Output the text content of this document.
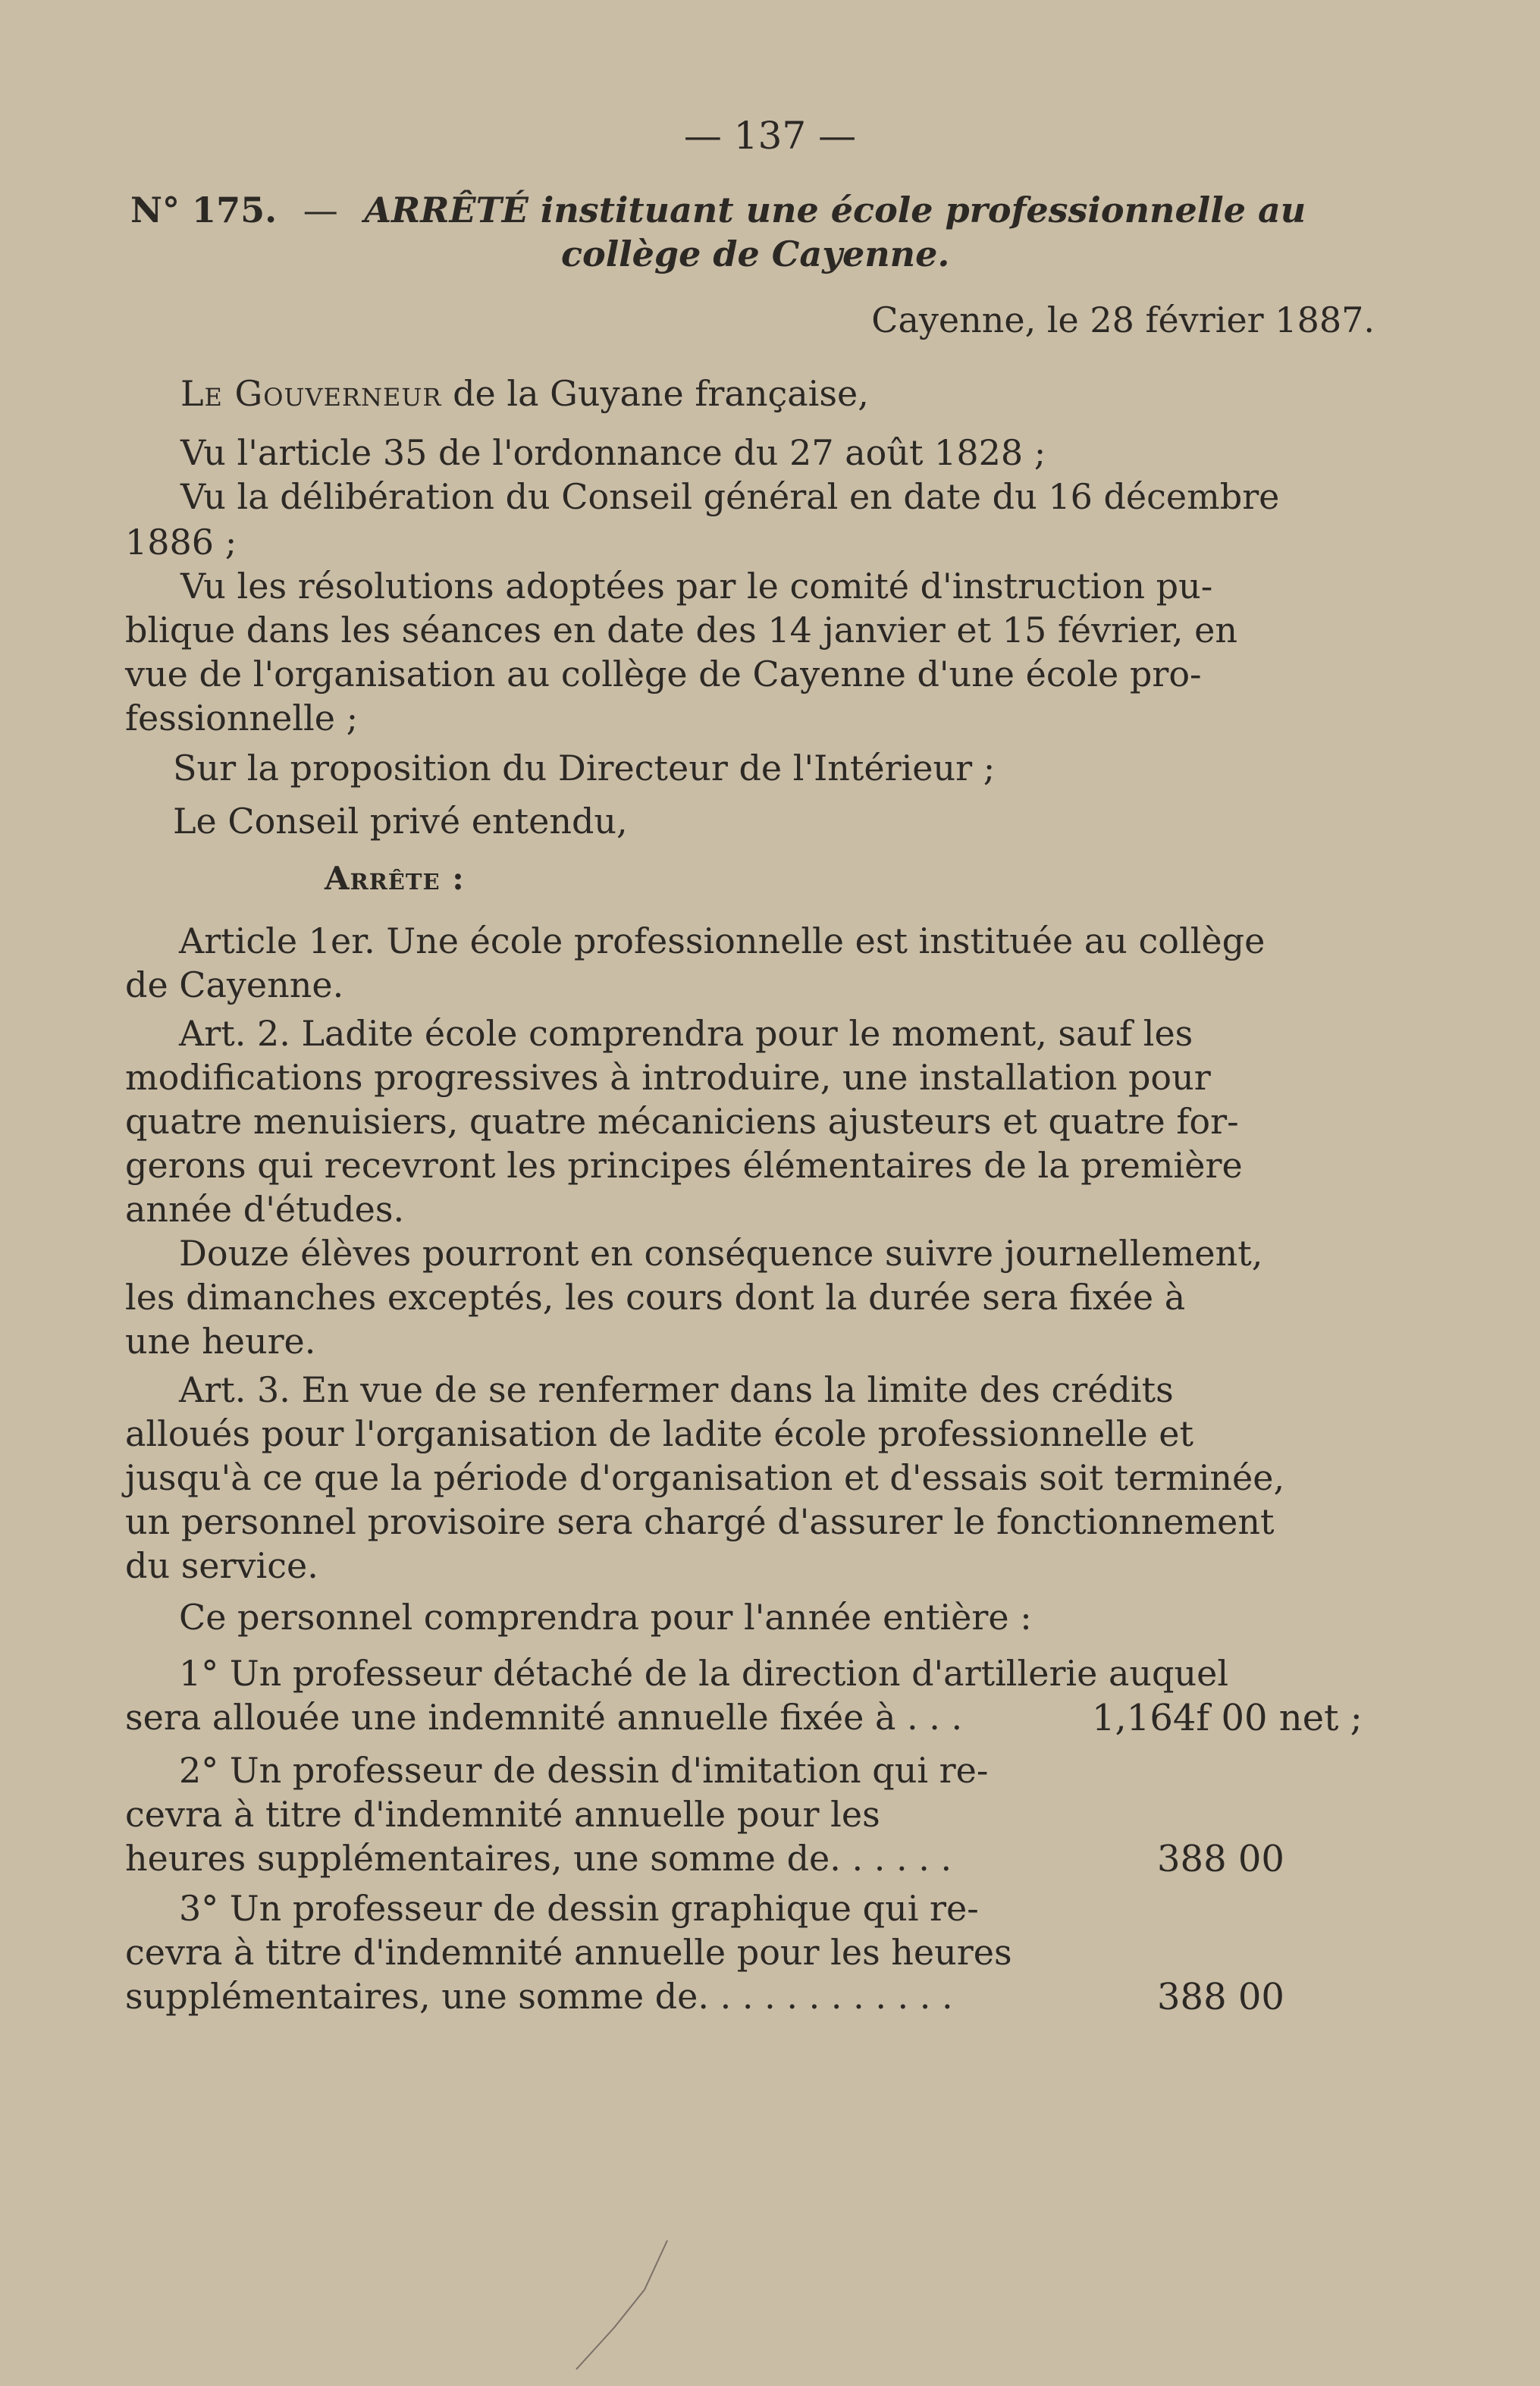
— 137 —
N° 175. — ARRÊTÉ instituant une école professionnelle au
collège de Cayenne.
Cayenne, le 28 février 1887.
Le Gouverneur de la Guyane française,
Vu l'article 35 de l'ordonnance du 27 août 1828 ;
Vu la délibération du Conseil général en date du 16 décembre
1886 ;
Vu les résolutions adoptées par le comité d'instruction pu-
blique dans les séances en date des 14 janvier et 15 février, en
vue de l'organisation au collège de Cayenne d'une école pro-
fessionnelle ;
Sur la proposition du Directeur de l'Intérieur ;
Le Conseil privé entendu,
Arrête :
Article 1er. Une école professionnelle est instituée au collège
de Cayenne.
Art. 2. Ladite école comprendra pour le moment, sauf les
modifications progressives à introduire, une installation pour
quatre menuisiers, quatre mécaniciens ajusteurs et quatre for-
gerons qui recevront les principes élémentaires de la première
année d'études.
Douze élèves pourront en conséquence suivre journellement,
les dimanches exceptés, les cours dont la durée sera fixée à
une heure.
Art. 3. En vue de se renfermer dans la limite des crédits
alloués pour l'organisation de ladite école professionnelle et
jusqu'à ce que la période d'organisation et d'essais soit terminée,
un personnel provisoire sera chargé d'assurer le fonctionnement
du service.
Ce personnel comprendra pour l'année entière :
1° Un professeur détaché de la direction d'artillerie auquel
sera allouée une indemnité annuelle fixée à . . .	1,164f 00 net ;
2° Un professeur de dessin d'imitation qui re-
cevra à titre d'indemnité annuelle pour les
heures supplémentaires, une somme de. . . . . .	388 00
3° Un professeur de dessin graphique qui re-
cevra à titre d'indemnité annuelle pour les heures
supplémentaires, une somme de. . . . . . . . . . . .	388 00
